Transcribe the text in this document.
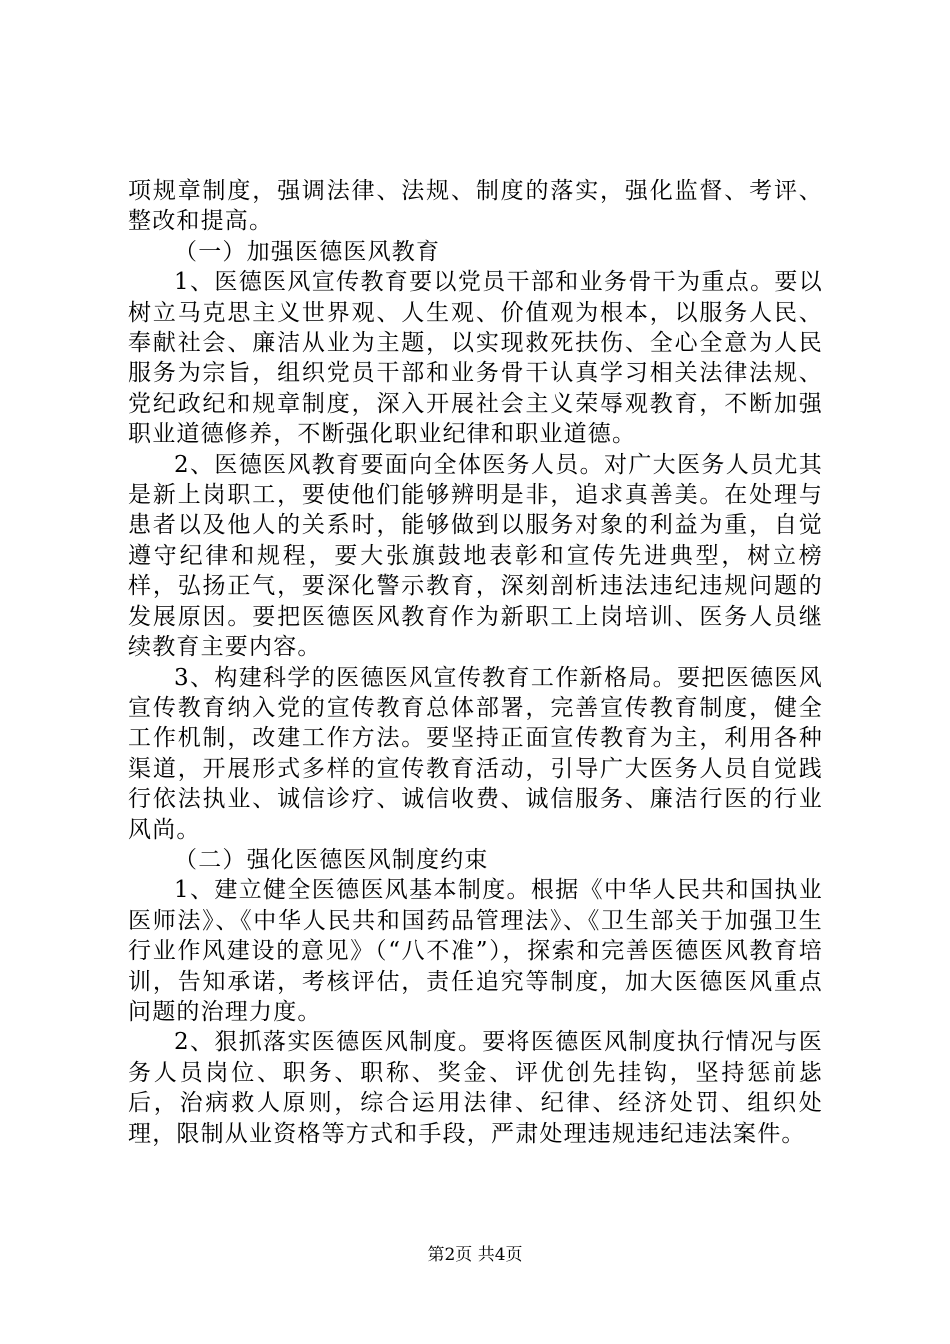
项规章制度，强调法律、法规、制度的落实，强化监督、考评、整改和提高。

（一）加强医德医风教育

1、医德医风宣传教育要以党员干部和业务骨干为重点。要以树立马克思主义世界观、人生观、价值观为根本，以服务人民、奉献社会、廉洁从业为主题，以实现救死扶伤、全心全意为人民服务为宗旨，组织党员干部和业务骨干认真学习相关法律法规、党纪政纪和规章制度，深入开展社会主义荣辱观教育，不断加强职业道德修养，不断强化职业纪律和职业道德。

2、医德医风教育要面向全体医务人员。对广大医务人员尤其是新上岗职工，要使他们能够辨明是非，追求真善美。在处理与患者以及他人的关系时，能够做到以服务对象的利益为重，自觉遵守纪律和规程，要大张旗鼓地表彰和宣传先进典型，树立榜样，弘扬正气，要深化警示教育，深刻剖析违法违纪违规问题的发展原因。要把医德医风教育作为新职工上岗培训、医务人员继续教育主要内容。

3、构建科学的医德医风宣传教育工作新格局。要把医德医风宣传教育纳入党的宣传教育总体部署，完善宣传教育制度，健全工作机制，改建工作方法。要坚持正面宣传教育为主，利用各种渠道，开展形式多样的宣传教育活动，引导广大医务人员自觉践行依法执业、诚信诊疗、诚信收费、诚信服务、廉洁行医的行业风尚。

（二）强化医德医风制度约束

1、建立健全医德医风基本制度。根据《中华人民共和国执业医师法》、《中华人民共和国药品管理法》、《卫生部关于加强卫生行业作风建设的意见》（“八不准”），探索和完善医德医风教育培训，告知承诺，考核评估，责任追究等制度，加大医德医风重点问题的治理力度。

2、狠抓落实医德医风制度。要将医德医风制度执行情况与医务人员岗位、职务、职称、奖金、评优创先挂钩，坚持惩前毖后，治病救人原则，综合运用法律、纪律、经济处罚、组织处理，限制从业资格等方式和手段，严肃处理违规违纪违法案件。

第2页 共4页
